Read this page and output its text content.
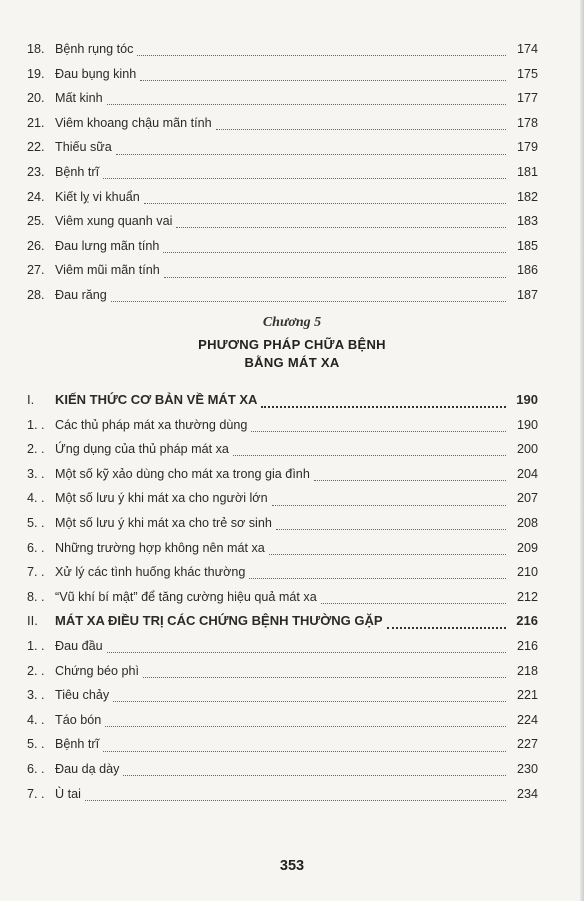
18. Bệnh rụng tóc	174
19. Đau bụng kinh	175
20. Mất kinh	177
21. Viêm khoang chậu mãn tính	178
22. Thiếu sữa	179
23. Bệnh trĩ	181
24. Kiết lỵ vi khuẩn	182
25. Viêm xung quanh vai	183
26. Đau lưng mãn tính	185
27. Viêm mũi mãn tính	186
28. Đau răng	187
Chương 5
PHƯƠNG PHÁP CHỮA BỆNH
BẰNG MÁT XA
I.	KIẾN THỨC CƠ BẢN VỀ MÁT XA	190
1. . Các thủ pháp mát xa thường dùng	190
2. . Ứng dụng của thủ pháp mát xa	200
3. . Một số kỹ xảo dùng cho mát xa trong gia đình	204
4. . Một số lưu ý khi mát xa cho người lớn	207
5. . Một số lưu ý khi mát xa cho trẻ sơ sinh	208
6. . Những trường hợp không nên mát xa	209
7. . Xử lý các tình huống khác thường	210
8. . “Vũ khí bí mật” để tăng cường hiệu quả mát xa	212
II.	MÁT XA ĐIỀU TRỊ CÁC CHỨNG BỆNH THƯỜNG GẶP	216
1. . Đau đầu	216
2. . Chứng béo phì	218
3. . Tiêu chảy	221
4. . Táo bón	224
5. . Bệnh trĩ	227
6. . Đau dạ dày	230
7. . Ù tai	234
353
